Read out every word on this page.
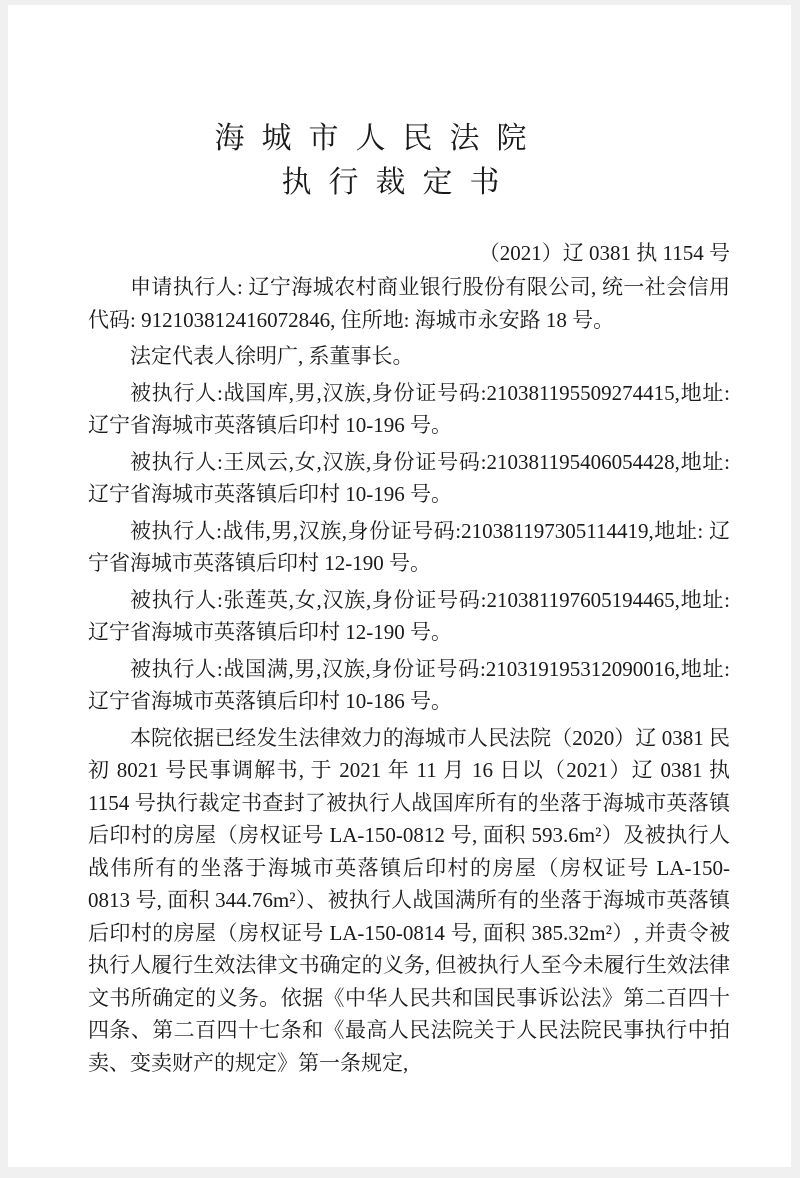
海城市人民法院
执行裁定书
（2021）辽 0381 执 1154 号

申请执行人: 辽宁海城农村商业银行股份有限公司, 统一社会信用代码: 912103812416072846, 住所地: 海城市永安路 18 号。

法定代表人徐明广, 系董事长。

被执行人:战国库,男,汉族,身份证号码:210381195509274415,地址: 辽宁省海城市英落镇后印村 10-196 号。

被执行人:王凤云,女,汉族,身份证号码:210381195406054428,地址: 辽宁省海城市英落镇后印村 10-196 号。

被执行人:战伟,男,汉族,身份证号码:210381197305114419,地址: 辽宁省海城市英落镇后印村 12-190 号。

被执行人:张莲英,女,汉族,身份证号码:210381197605194465,地址: 辽宁省海城市英落镇后印村 12-190 号。

被执行人:战国满,男,汉族,身份证号码:210319195312090016,地址: 辽宁省海城市英落镇后印村 10-186 号。

本院依据已经发生法律效力的海城市人民法院（2020）辽 0381 民初 8021 号民事调解书, 于 2021 年 11 月 16 日以（2021）辽 0381 执 1154 号执行裁定书查封了被执行人战国库所有的坐落于海城市英落镇后印村的房屋（房权证号 LA-150-0812 号, 面积 593.6m²）及被执行人战伟所有的坐落于海城市英落镇后印村的房屋（房权证号 LA-150-0813 号, 面积 344.76m²）、被执行人战国满所有的坐落于海城市英落镇后印村的房屋（房权证号 LA-150-0814 号, 面积 385.32m²）, 并责令被执行人履行生效法律文书确定的义务, 但被执行人至今未履行生效法律文书所确定的义务。依据《中华人民共和国民事诉讼法》第二百四十四条、第二百四十七条和《最高人民法院关于人民法院民事执行中拍卖、变卖财产的规定》第一条规定,
